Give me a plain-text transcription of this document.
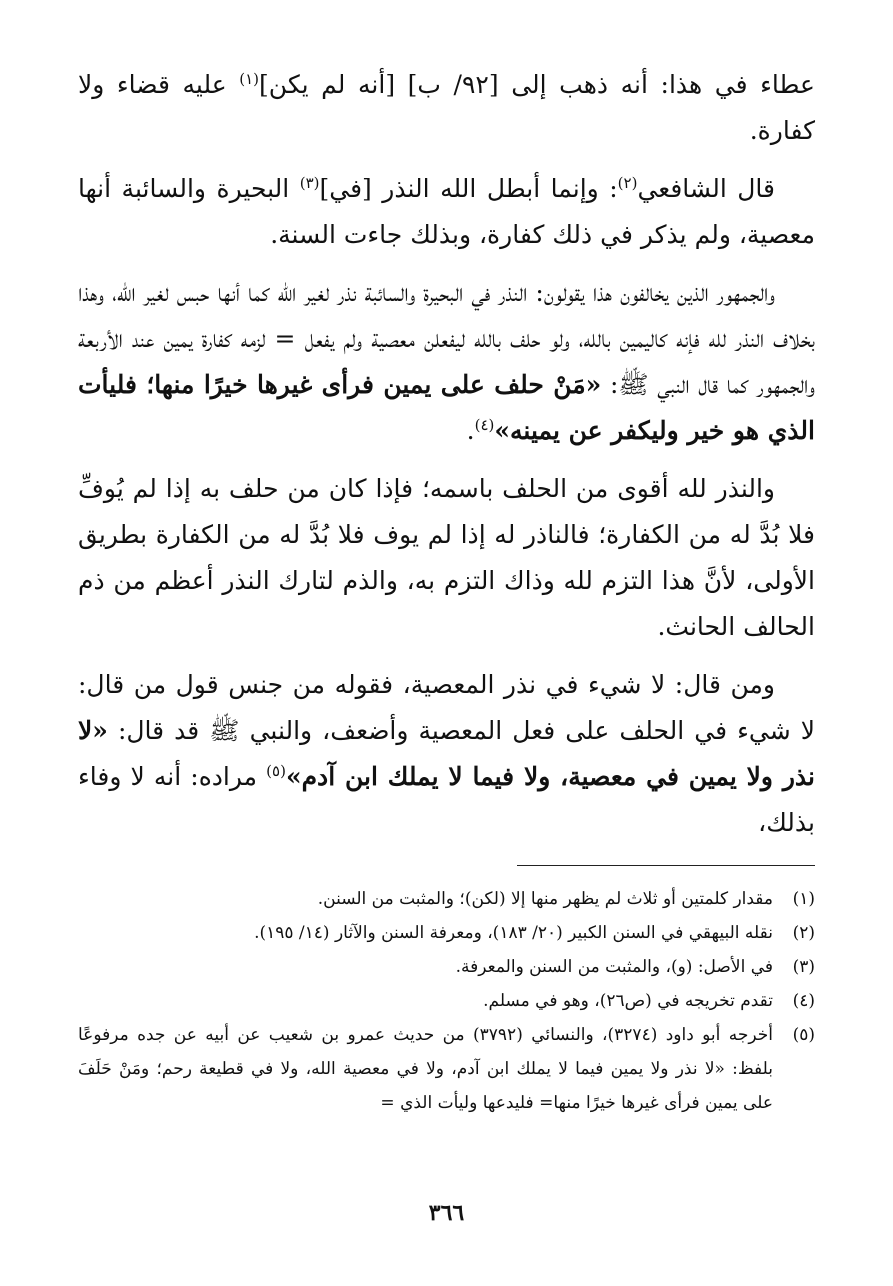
عطاء في هذا: أنه ذهب إلى [٩٢/ ب] [أنه لم يكن]$^{(١)}$ عليه قضاء ولا كفارة.

قال الشافعي$^{(٢)}$: وإنما أبطل الله النذر [في]$^{(٣)}$ البحيرة والسائبة أنها معصية، ولم يذكر في ذلك كفارة، وبذلك جاءت السنة.

والجمهور الذين يخالفون هذا يقولون: النذر في البحيرة والسائبة نذر لغير الله كما أنها حبس لغير الله، وهذا بخلاف النذر لله فإنه كاليمين بالله، ولو حلف بالله ليفعلن معصية ولم يفعل = لزمه كفارة يمين عند الأربعة والجمهور كما قال النبي ﷺ: «مَنْ حلف على يمين فرأى غيرها خيرًا منها؛ فليأت الذي هو خير وليكفر عن يمينه»$^{(٤)}$.

والنذر لله أقوى من الحلف باسمه؛ فإذا كان من حلف به إذا لم يُوفِّ فلا بُدَّ له من الكفارة؛ فالناذر له إذا لم يوف فلا بُدَّ له من الكفارة بطريق الأولى، لأنَّ هذا التزم لله وذاك التزم به، والذم لتارك النذر أعظم من ذم الحالف الحانث.

ومن قال: لا شيء في نذر المعصية، فقوله من جنس قول من قال: لا شيء في الحلف على فعل المعصية وأضعف، والنبي ﷺ قد قال: «لا نذر ولا يمين في معصية، ولا فيما لا يملك ابن آدم»$^{(٥)}$ مراده: أنه لا وفاء بذلك،

(١)
مقدار كلمتين أو ثلاث لم يظهر منها إلا (لكن)؛ والمثبت من السنن.
(٢)
نقله البيهقي في السنن الكبير (٢٠/ ١٨٣)، ومعرفة السنن والآثار (١٤/ ١٩٥).
(٣)
في الأصل: (و)، والمثبت من السنن والمعرفة.
(٤)
تقدم تخريجه في (ص٢٦)، وهو في مسلم.
(٥)
أخرجه أبو داود (٣٢٧٤)، والنسائي (٣٧٩٢) من حديث عمرو بن شعيب عن أبيه عن جده مرفوعًا بلفظ: «لا نذر ولا يمين فيما لا يملك ابن آدم، ولا في معصية الله، ولا في قطيعة رحم؛ ومَنْ حَلَفَ على يمين فرأى غيرها خيرًا منها= فليدعها وليأت الذي =
٣٦٦
